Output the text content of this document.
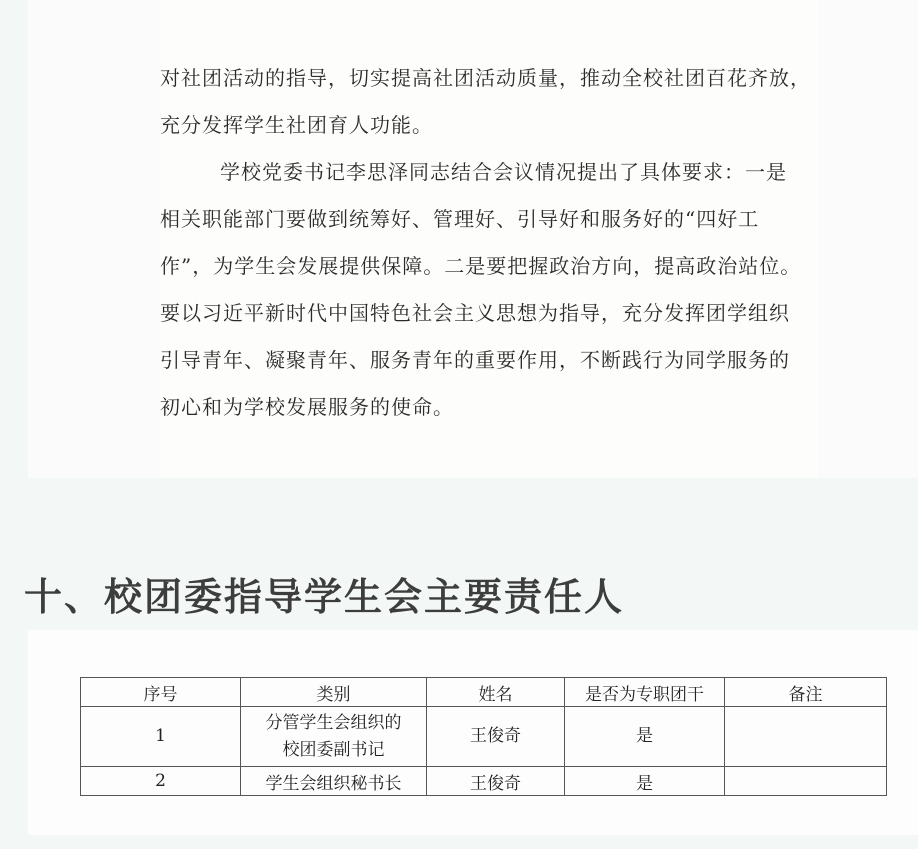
对社团活动的指导，切实提高社团活动质量，推动全校社团百花齐放，
充分发挥学生社团育人功能。
学校党委书记李思泽同志结合会议情况提出了具体要求：一是
相关职能部门要做到统筹好、管理好、引导好和服务好的“四好工
作”，为学生会发展提供保障。二是要把握政治方向，提高政治站位。
要以习近平新时代中国特色社会主义思想为指导，充分发挥团学组织
引导青年、凝聚青年、服务青年的重要作用，不断践行为同学服务的
初心和为学校发展服务的使命。
十、校团委指导学生会主要责任人
序号	类别	姓名	是否为专职团干	备注
1	分管学生会组织的
校团委副书记	王俊奇	是	
2	学生会组织秘书长	王俊奇	是	
